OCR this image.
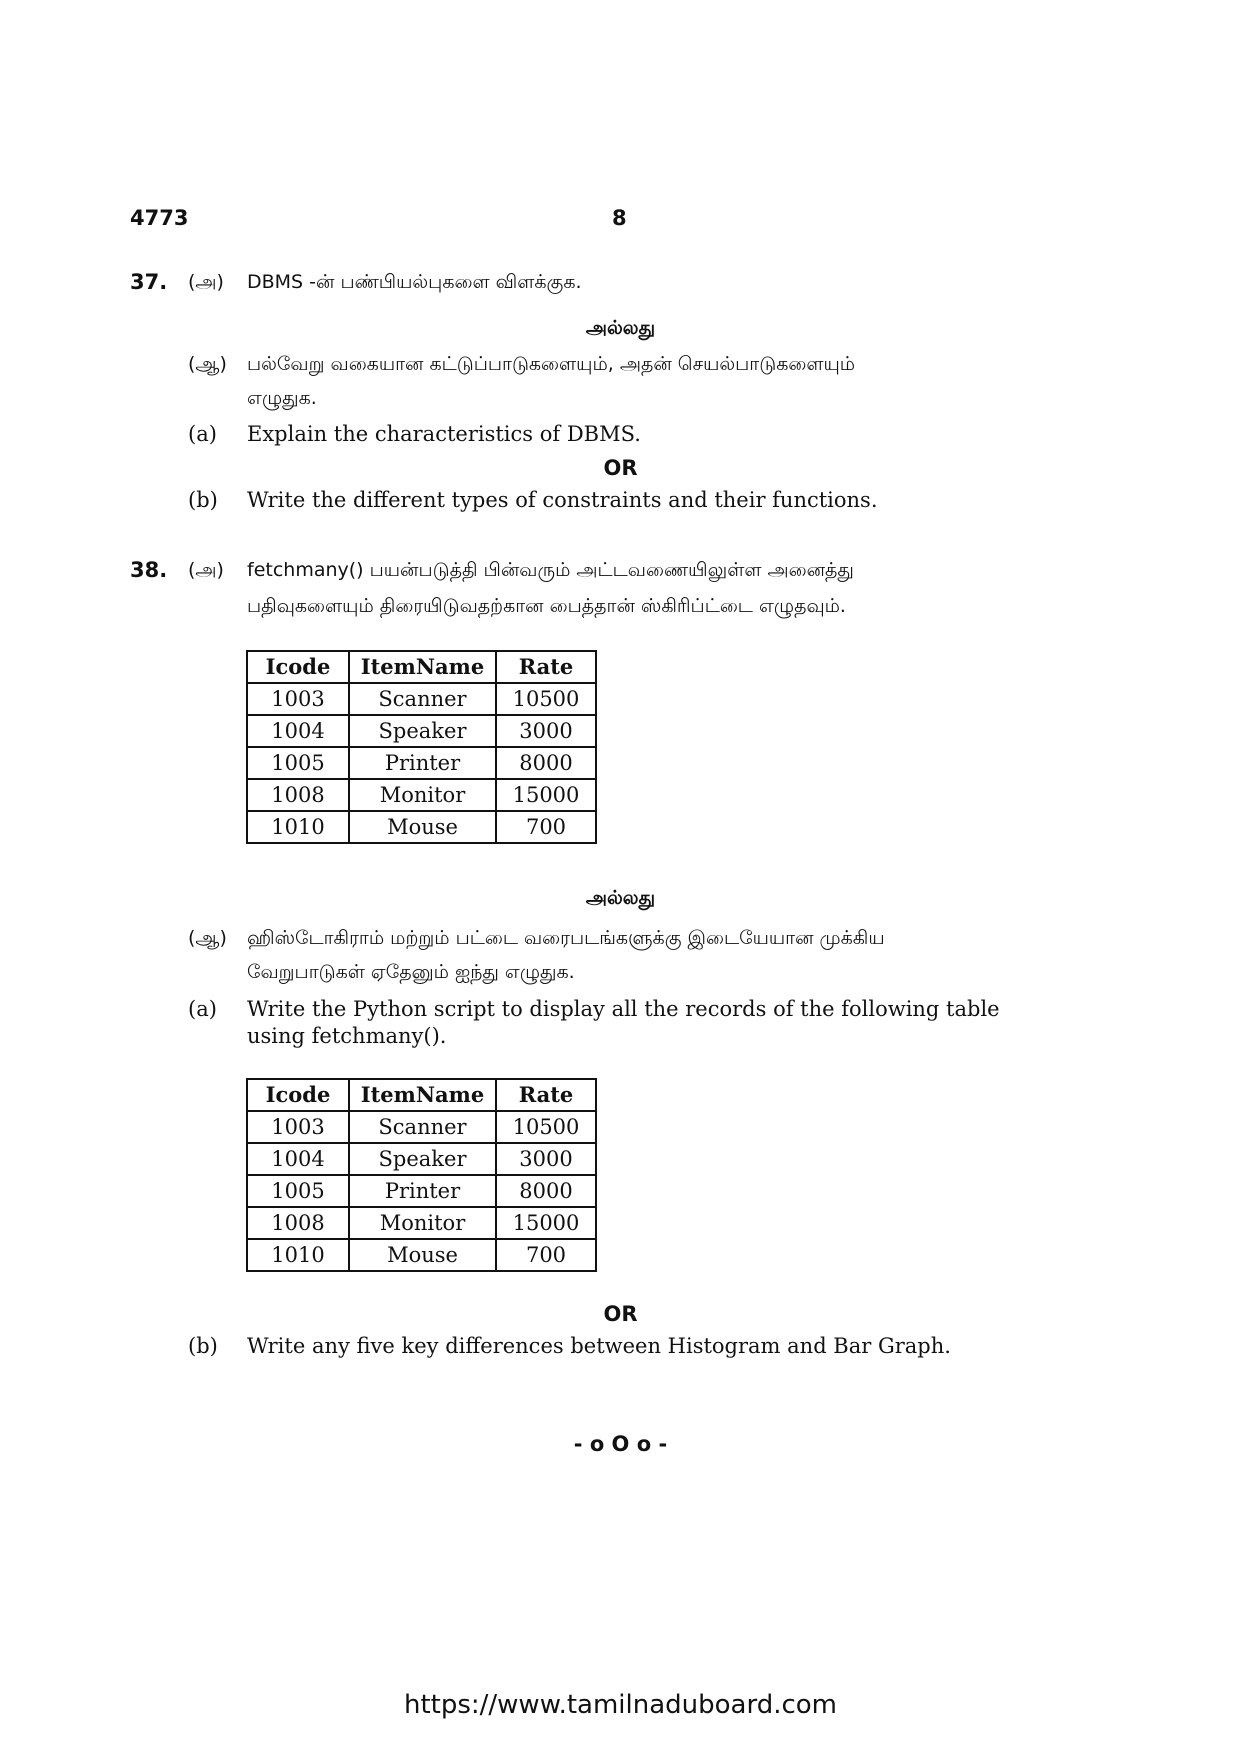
4773	8
37. (அ) DBMS -ன் பண்பியல்புகளை விளக்குக.
அல்லது
(ஆ) பல்வேறு வகையான கட்டுப்பாடுகளையும், அதன் செயல்பாடுகளையும்
எழுதுக.
(a) Explain the characteristics of DBMS.
OR
(b) Write the different types of constraints and their functions.
38. (அ) fetchmany() பயன்படுத்தி பின்வரும் அட்டவணையிலுள்ள அனைத்து
பதிவுகளையும் திரையிடுவதற்கான பைத்தான் ஸ்கிரிப்ட்டை எழுதவும்.
Icode	ItemName	Rate
1003	Scanner	10500
1004	Speaker	3000
1005	Printer	8000
1008	Monitor	15000
1010	Mouse	700
அல்லது
(ஆ) ஹிஸ்டோகிராம் மற்றும் பட்டை வரைபடங்களுக்கு இடையேயான முக்கிய
வேறுபாடுகள் ஏதேனும் ஐந்து எழுதுக.
(a) Write the Python script to display all the records of the following table
using fetchmany().
Icode	ItemName	Rate
1003	Scanner	10500
1004	Speaker	3000
1005	Printer	8000
1008	Monitor	15000
1010	Mouse	700
OR
(b) Write any five key differences between Histogram and Bar Graph.
- o O o -
https://www.tamilnaduboard.com
